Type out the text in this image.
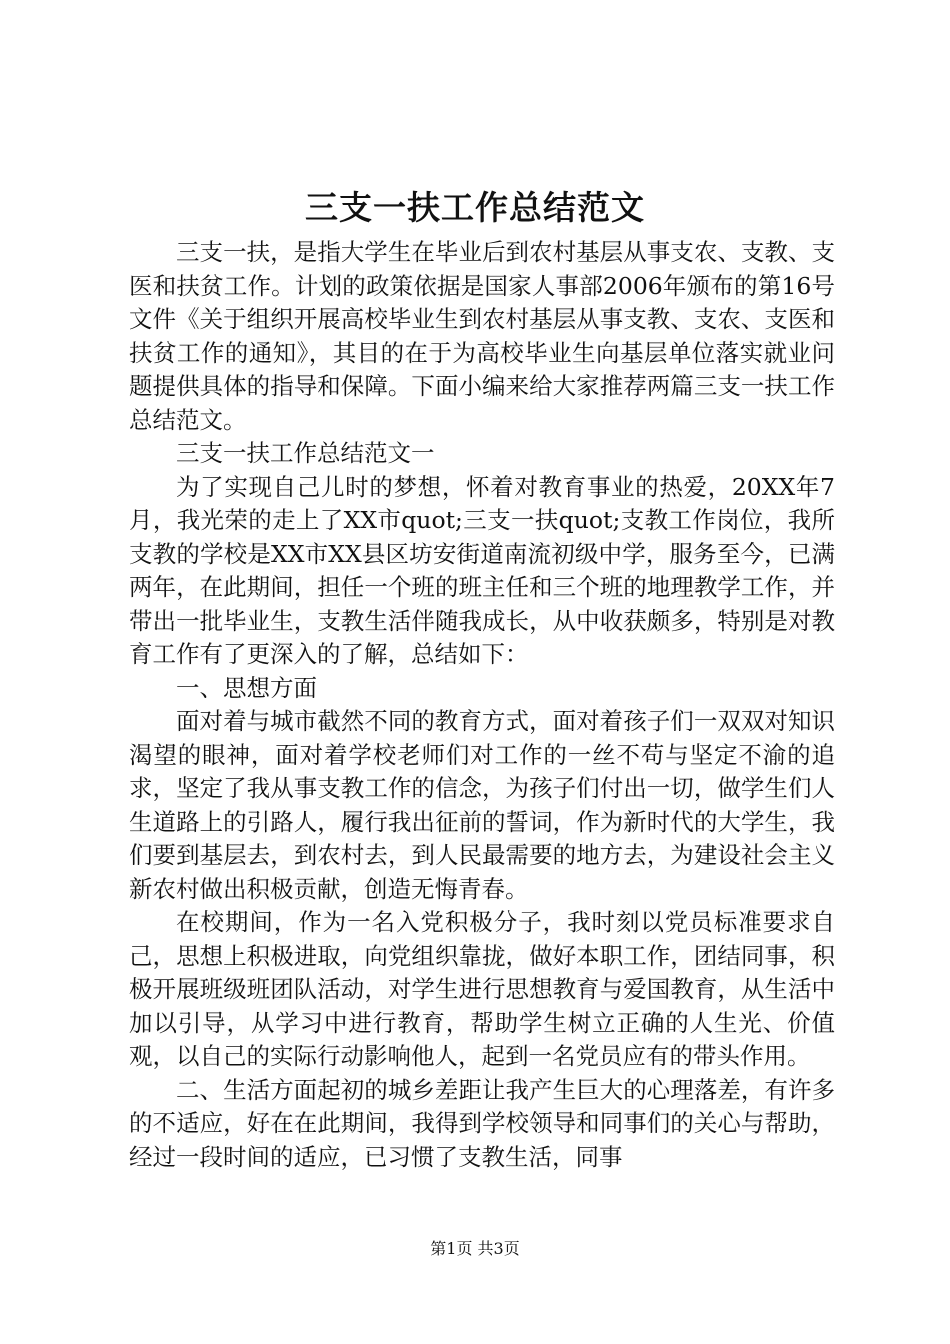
三支一扶工作总结范文

三支一扶，是指大学生在毕业后到农村基层从事支农、支教、支医和扶贫工作。计划的政策依据是国家人事部2006年颁布的第16号文件《关于组织开展高校毕业生到农村基层从事支教、支农、支医和扶贫工作的通知》，其目的在于为高校毕业生向基层单位落实就业问题提供具体的指导和保障。下面小编来给大家推荐两篇三支一扶工作总结范文。

三支一扶工作总结范文一

为了实现自己儿时的梦想，怀着对教育事业的热爱，20XX年7月，我光荣的走上了XX市quot;三支一扶quot;支教工作岗位，我所支教的学校是XX市XX县区坊安街道南流初级中学，服务至今，已满两年，在此期间，担任一个班的班主任和三个班的地理教学工作，并带出一批毕业生，支教生活伴随我成长，从中收获颇多，特别是对教育工作有了更深入的了解，总结如下：

一、思想方面

面对着与城市截然不同的教育方式，面对着孩子们一双双对知识渴望的眼神，面对着学校老师们对工作的一丝不苟与坚定不渝的追求，坚定了我从事支教工作的信念，为孩子们付出一切，做学生们人生道路上的引路人，履行我出征前的誓词，作为新时代的大学生，我们要到基层去，到农村去，到人民最需要的地方去，为建设社会主义新农村做出积极贡献，创造无悔青春。

在校期间，作为一名入党积极分子，我时刻以党员标准要求自己，思想上积极进取，向党组织靠拢，做好本职工作，团结同事，积极开展班级班团队活动，对学生进行思想教育与爱国教育，从生活中加以引导，从学习中进行教育，帮助学生树立正确的人生光、价值观，以自己的实际行动影响他人，起到一名党员应有的带头作用。

二、生活方面起初的城乡差距让我产生巨大的心理落差，有许多的不适应，好在在此期间，我得到学校领导和同事们的关心与帮助，经过一段时间的适应，已习惯了支教生活，同事

第1页 共3页
